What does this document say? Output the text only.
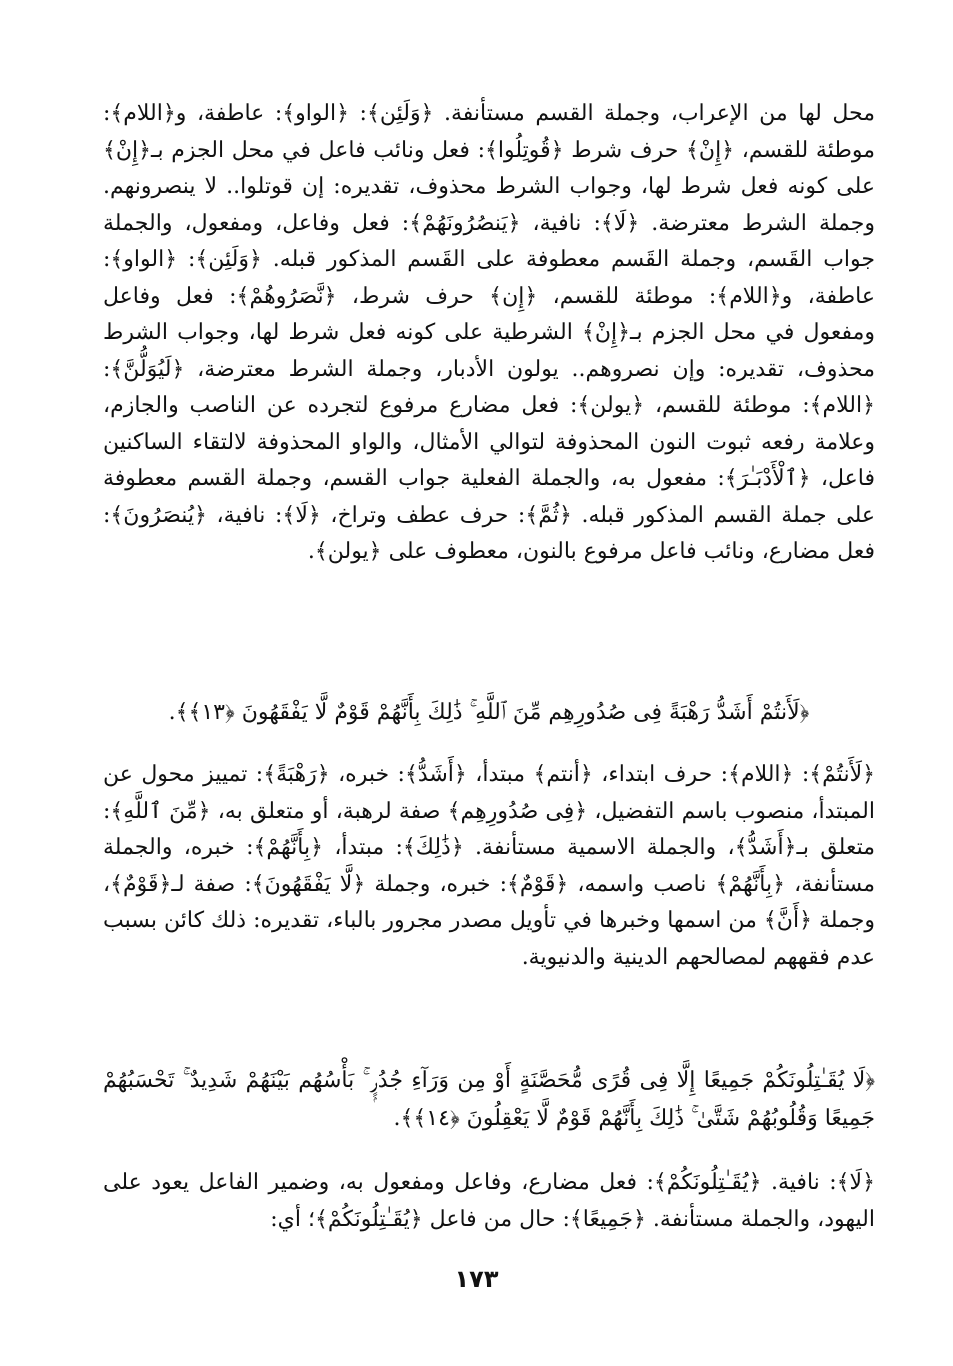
محل لها من الإعراب، وجملة القسم مستأنفة. ﴿وَلَئِن﴾: ﴿الواو﴾: عاطفة، و﴿اللام﴾: موطئة للقسم، ﴿إِنْ﴾ حرف شرط ﴿قُوتِلُوا﴾: فعل ونائب فاعل في محل الجزم بـ﴿إِنْ﴾ على كونه فعل شرط لها، وجواب الشرط محذوف، تقديره: إن قوتلوا.. لا ينصرونهم. وجملة الشرط معترضة. ﴿لَا﴾: نافية، ﴿يَنصُرُونَهُمْ﴾: فعل وفاعل، ومفعول، والجملة جواب القَسم، وجملة القَسم معطوفة على القَسم المذكور قبله. ﴿وَلَئِن﴾: ﴿الواو﴾: عاطفة، و﴿اللام﴾: موطئة للقسم، ﴿إِن﴾ حرف شرط، ﴿نَّصَرُوهُمْ﴾: فعل وفاعل ومفعول في محل الجزم بـ﴿إِنْ﴾ الشرطية على كونه فعل شرط لها، وجواب الشرط محذوف، تقديره: وإن نصروهم.. يولون الأدبار، وجملة الشرط معترضة، ﴿لَيُوَلُّنَّ﴾: ﴿اللام﴾: موطئة للقسم، ﴿يولن﴾: فعل مضارع مرفوع لتجرده عن الناصب والجازم، وعلامة رفعه ثبوت النون المحذوفة لتوالي الأمثال، والواو المحذوفة لالتقاء الساكنين فاعل، ﴿ٱلْأَدْبَـٰرَ﴾: مفعول به، والجملة الفعلية جواب القسم، وجملة القسم معطوفة على جملة القسم المذكور قبله. ﴿ثُمَّ﴾: حرف عطف وتراخ، ﴿لَا﴾: نافية، ﴿يُنصَرُونَ﴾: فعل مضارع، ونائب فاعل مرفوع بالنون، معطوف على ﴿يولن﴾.

﴿لَأَنتُمْ أَشَدُّ رَهْبَةً فِى صُدُورِهِم مِّنَ ٱللَّهِ ۚ ذَٰلِكَ بِأَنَّهُمْ قَوْمٌ لَّا يَفْقَهُونَ ﴿١٣﴾﴾.

﴿لَأَنتُمْ﴾: ﴿اللام﴾: حرف ابتداء، ﴿أنتم﴾ مبتدأ، ﴿أَشَدُّ﴾: خبره، ﴿رَهْبَةً﴾: تمييز محول عن المبتدأ، منصوب باسم التفضيل، ﴿فِى صُدُورِهِم﴾ صفة لرهبة، أو متعلق به، ﴿مِّنَ ٱللَّهِ﴾: متعلق بـ﴿أَشَدُّ﴾، والجملة الاسمية مستأنفة. ﴿ذَٰلِكَ﴾: مبتدأ، ﴿بِأَنَّهُمْ﴾: خبره، والجملة مستأنفة، ﴿بِأَنَّهُمْ﴾ ناصب واسمه، ﴿قَوْمٌ﴾: خبره، وجملة ﴿لَّا يَفْقَهُونَ﴾: صفة لـ﴿قَوْمٌ﴾، وجملة ﴿أَنَّ﴾ من اسمها وخبرها في تأويل مصدر مجرور بالباء، تقديره: ذلك كائن بسبب عدم فقههم لمصالحهم الدينية والدنيوية.

﴿لَا يُقَـٰتِلُونَكُمْ جَمِيعًا إِلَّا فِى قُرًى مُّحَصَّنَةٍ أَوْ مِن وَرَآءِ جُدُرٍۭ ۚ بَأْسُهُم بَيْنَهُمْ شَدِيدٌ ۚ تَحْسَبُهُمْ جَمِيعًا وَقُلُوبُهُمْ شَتَّىٰ ۚ ذَٰلِكَ بِأَنَّهُمْ قَوْمٌ لَّا يَعْقِلُونَ ﴿١٤﴾﴾.

﴿لَا﴾: نافية. ﴿يُقَـٰتِلُونَكُمْ﴾: فعل مضارع، وفاعل ومفعول به، وضمير الفاعل يعود على اليهود، والجملة مستأنفة. ﴿جَمِيعًا﴾: حال من فاعل ﴿يُقَـٰتِلُونَكُمْ﴾؛ أي:

١٧٣
